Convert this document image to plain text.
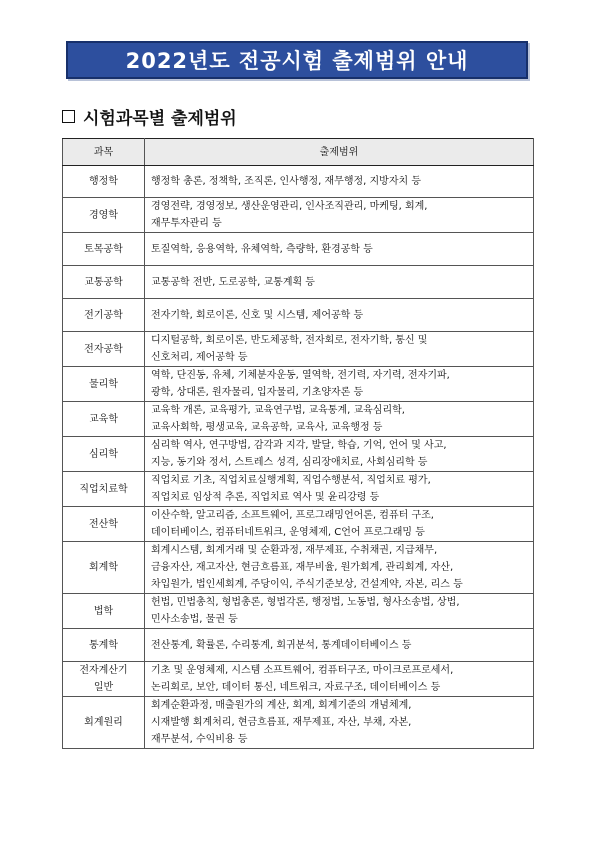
2022년도 전공시험 출제범위 안내
시험과목별 출제범위
과목	출제범위

행정학	행정학 총론, 정책학, 조직론, 인사행정, 재무행정, 지방자치 등

경영학	경영전략, 경영정보, 생산운영관리, 인사조직관리, 마케팅, 회계,
재무투자관리 등

토목공학	토질역학, 응용역학, 유체역학, 측량학, 환경공학 등

교통공학	교통공학 전반, 도로공학, 교통계획 등

전기공학	전자기학, 회로이론, 신호 및 시스템, 제어공학 등

전자공학	디지털공학, 회로이론, 반도체공학, 전자회로, 전자기학, 통신 및
신호처리, 제어공학 등

물리학	역학, 단진동, 유체, 기체분자운동, 열역학, 전기력, 자기력, 전자기파,
광학, 상대론, 원자물리, 입자물리, 기초양자론 등

교육학	교육학 개론, 교육평가, 교육연구법, 교육통계, 교육심리학,
교육사회학, 평생교육, 교육공학, 교육사, 교육행정 등

심리학	심리학 역사, 연구방법, 감각과 지각, 발달, 학습, 기억, 언어 및 사고,
지능, 동기와 정서, 스트레스 성격, 심리장애치료, 사회심리학 등

직업치료학	직업치료 기초, 직업치료실행계획, 직업수행분석, 직업치료 평가,
직업치료 임상적 추론, 직업치료 역사 및 윤리강령 등

전산학	이산수학, 알고리즘, 소프트웨어, 프로그래밍언어론, 컴퓨터 구조,
데이터베이스, 컴퓨터네트워크, 운영체제, C언어 프로그래밍 등

회계학	회계시스템, 회계거래 및 순환과정, 재무제표, 수취채권, 지급채무,
금융자산, 재고자산, 현금흐름표, 재무비율, 원가회계, 관리회계, 자산,
차입원가, 법인세회계, 주당이익, 주식기준보상, 건설계약, 자본, 리스 등

법학	헌법, 민법총칙, 형법총론, 형법각론, 행정법, 노동법, 형사소송법, 상법,
민사소송법, 물권 등

통계학	전산통계, 확률론, 수리통계, 회귀분석, 통계데이터베이스 등

전자계산기
일반	기초 및 운영체제, 시스템 소프트웨어, 컴퓨터구조, 마이크로프로세서,
논리회로, 보안, 데이터 통신, 네트워크, 자료구조, 데이터베이스 등

회계원리	회계순환과정, 매출원가의 계산, 회계, 회계기준의 개념체계,
시재발행 회계처리, 현금흐름표, 재무제표, 자산, 부채, 자본,
재무분석, 수익비용 등
